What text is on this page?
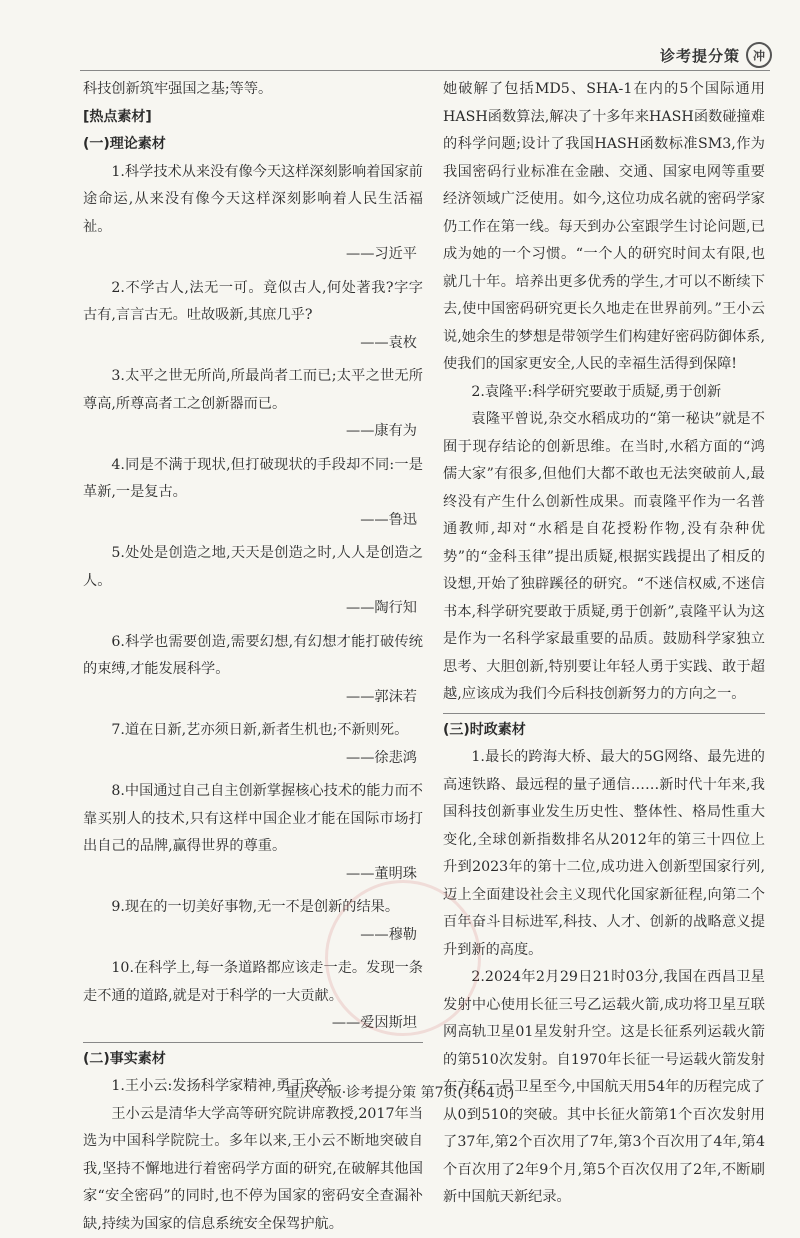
诊考提分策	冲

科技创新筑牢强国之基;等等。

[热点素材]

(一)理论素材

1.科学技术从来没有像今天这样深刻影响着国家前途命运,从来没有像今天这样深刻影响着人民生活福祉。

——习近平

2.不学古人,法无一可。竟似古人,何处著我?字字古有,言言古无。吐故吸新,其庶几乎?

——袁枚

3.太平之世无所尚,所最尚者工而已;太平之世无所尊高,所尊高者工之创新器而已。

——康有为

4.同是不满于现状,但打破现状的手段却不同:一是革新,一是复古。

——鲁迅

5.处处是创造之地,天天是创造之时,人人是创造之人。

——陶行知

6.科学也需要创造,需要幻想,有幻想才能打破传统的束缚,才能发展科学。

——郭沫若

7.道在日新,艺亦须日新,新者生机也;不新则死。

——徐悲鸿

8.中国通过自己自主创新掌握核心技术的能力而不靠买别人的技术,只有这样中国企业才能在国际市场打出自己的品牌,赢得世界的尊重。

——董明珠

9.现在的一切美好事物,无一不是创新的结果。

——穆勒

10.在科学上,每一条道路都应该走一走。发现一条走不通的道路,就是对于科学的一大贡献。

——爱因斯坦

(二)事实素材

1.王小云:发扬科学家精神,勇于攻关

王小云是清华大学高等研究院讲席教授,2017年当选为中国科学院院士。多年以来,王小云不断地突破自我,坚持不懈地进行着密码学方面的研究,在破解其他国家“安全密码”的同时,也不停为国家的密码安全查漏补缺,持续为国家的信息系统安全保驾护航。

她破解了包括MD5、SHA-1在内的5个国际通用HASH函数算法,解决了十多年来HASH函数碰撞难的科学问题;设计了我国HASH函数标准SM3,作为我国密码行业标准在金融、交通、国家电网等重要经济领域广泛使用。如今,这位功成名就的密码学家仍工作在第一线。每天到办公室跟学生讨论问题,已成为她的一个习惯。“一个人的研究时间太有限,也就几十年。培养出更多优秀的学生,才可以不断续下去,使中国密码研究更长久地走在世界前列。”王小云说,她余生的梦想是带领学生们构建好密码防御体系,使我们的国家更安全,人民的幸福生活得到保障!

2.袁隆平:科学研究要敢于质疑,勇于创新

袁隆平曾说,杂交水稻成功的“第一秘诀”就是不囿于现存结论的创新思维。在当时,水稻方面的“鸿儒大家”有很多,但他们大都不敢也无法突破前人,最终没有产生什么创新性成果。而袁隆平作为一名普通教师,却对“水稻是自花授粉作物,没有杂种优势”的“金科玉律”提出质疑,根据实践提出了相反的设想,开始了独辟蹊径的研究。“不迷信权威,不迷信书本,科学研究要敢于质疑,勇于创新”,袁隆平认为这是作为一名科学家最重要的品质。鼓励科学家独立思考、大胆创新,特别要让年轻人勇于实践、敢于超越,应该成为我们今后科技创新努力的方向之一。

(三)时政素材

1.最长的跨海大桥、最大的5G网络、最先进的高速铁路、最远程的量子通信……新时代十年来,我国科技创新事业发生历史性、整体性、格局性重大变化,全球创新指数排名从2012年的第三十四位上升到2023年的第十二位,成功进入创新型国家行列,迈上全面建设社会主义现代化国家新征程,向第二个百年奋斗目标进军,科技、人才、创新的战略意义提升到新的高度。

2.2024年2月29日21时03分,我国在西昌卫星发射中心使用长征三号乙运载火箭,成功将卫星互联网高轨卫星01星发射升空。这是长征系列运载火箭的第510次发射。自1970年长征一号运载火箭发射东方红一号卫星至今,中国航天用54年的历程完成了从0到510的突破。其中长征火箭第1个百次发射用了37年,第2个百次用了7年,第3个百次用了4年,第4个百次用了2年9个月,第5个百次仅用了2年,不断刷新中国航天新纪录。

重庆专版·诊考提分策 第7页(共64页)
